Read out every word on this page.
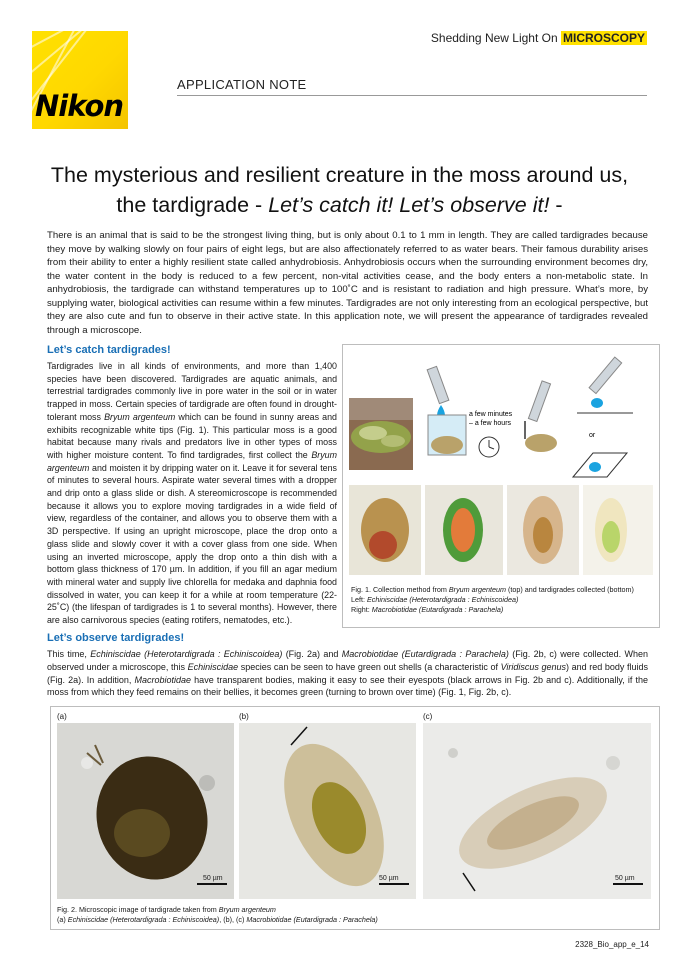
Nikon
Shedding New Light On MICROSCOPY
APPLICATION NOTE
The mysterious and resilient creature in the moss around us,
the tardigrade - Let’s catch it! Let’s observe it! -
There is an animal that is said to be the strongest living thing, but is only about 0.1 to 1 mm in length. They are called tardigrades because they move by walking slowly on four pairs of eight legs, but are also affectionately referred to as water bears. Their famous durability arises from their ability to enter a highly resilient state called anhydrobiosis. Anhydrobiosis occurs when the surrounding environment becomes dry, the water content in the body is reduced to a few percent, non-vital activities cease, and the body enters a non-metabolic state. In anhydrobiosis, the tardigrade can withstand temperatures up to 100˚C and is resistant to radiation and high pressure. What’s more, by supplying water, biological activities can resume within a few minutes. Tardigrades are not only interesting from an ecological perspective, but they are also cute and fun to observe in their active state. In this application note, we will present the appearance of tardigrades revealed through a microscope.
Let’s catch tardigrades!
Tardigrades live in all kinds of environments, and more than 1,400 species have been discovered. Tardigrades are aquatic animals, and terrestrial tardigrades commonly live in pore water in the soil or in water trapped in moss. Certain species of tardigrade are often found in drought-tolerant moss Bryum argenteum which can be found in sunny areas and exhibits recognizable white tips (Fig. 1). This particular moss is a good habitat because many rivals and predators live in other types of moss with higher moisture content. To find tardigrades, first collect the Bryum argenteum and moisten it by dripping water on it. Leave it for several tens of minutes to several hours. Aspirate water several times with a dropper and drip onto a glass slide or dish. A stereomicroscope is recommended because it allows you to explore moving tardigrades in a wide field of view, regardless of the container, and allows you to observe them with a 3D perspective. If using an upright microscope, place the drop onto a glass slide and slowly cover it with a cover glass from one side. When using an inverted microscope, apply the drop onto a thin dish with a bottom glass thickness of 170 µm. In addition, if you fill an agar medium with mineral water and supply live chlorella for medaka and daphnia food dissolved in water, you can keep it for a while at room temperature (22-25˚C) (the lifespan of tardigrades is 1 to several months). However, there are also carnivorous species (eating rotifers, nematodes, etc.).
a few minutes
– a few hours
or
Fig. 1. Collection method from Bryum argenteum (top) and tardigrades collected (bottom)
Left: Echiniscidae (Heterotardigrada : Echiniscoidea)
Right: Macrobiotidae (Eutardigrada : Parachela)
Let’s observe tardigrades!
This time, Echiniscidae (Heterotardigrada : Echiniscoidea) (Fig. 2a) and Macrobiotidae (Eutardigrada : Parachela) (Fig. 2b, c) were collected. When observed under a microscope, this Echiniscidae species can be seen to have green out shells (a characteristic of Viridiscus genus) and red body fluids (Fig. 2a). In addition, Macrobiotidae have transparent bodies, making it easy to see their eyespots (black arrows in Fig. 2b and c). Additionally, if the moss from which they feed remains on their bellies, it becomes green (turning to brown over time) (Fig. 1, Fig. 2b, c).
(a)	(b)	(c)
50 µm	50 µm	50 µm
Fig. 2. Microscopic image of tardigrade taken from Bryum argenteum
(a) Echiniscidae (Heterotardigrada : Echiniscoidea), (b), (c) Macrobiotidae (Eutardigrada : Parachela)
2328_Bio_app_e_14
